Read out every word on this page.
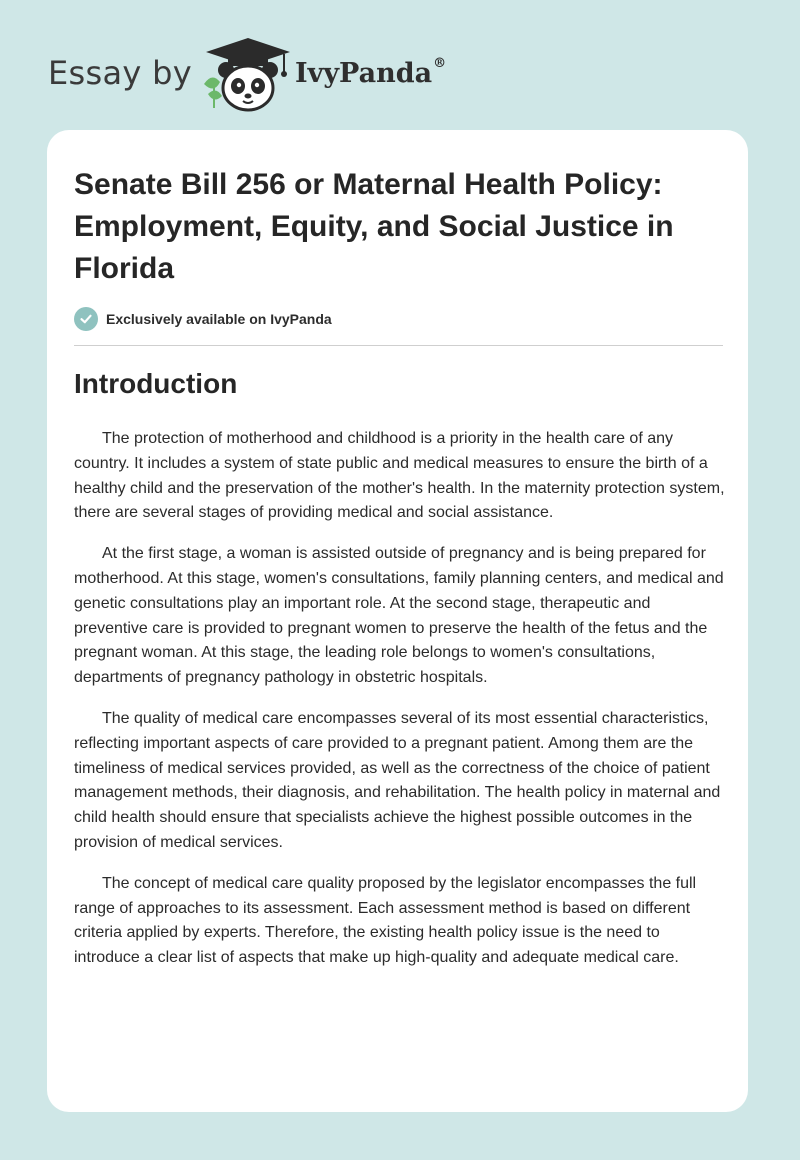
Essay by	IvyPanda®
Senate Bill 256 or Maternal Health Policy: Employment, Equity, and Social Justice in Florida
Exclusively available on IvyPanda
Introduction

The protection of motherhood and childhood is a priority in the health care of any country. It includes a system of state public and medical measures to ensure the birth of a healthy child and the preservation of the mother's health. In the maternity protection system, there are several stages of providing medical and social assistance.

At the first stage, a woman is assisted outside of pregnancy and is being prepared for motherhood. At this stage, women's consultations, family planning centers, and medical and genetic consultations play an important role. At the second stage, therapeutic and preventive care is provided to pregnant women to preserve the health of the fetus and the pregnant woman. At this stage, the leading role belongs to women's consultations, departments of pregnancy pathology in obstetric hospitals.

The quality of medical care encompasses several of its most essential characteristics, reflecting important aspects of care provided to a pregnant patient. Among them are the timeliness of medical services provided, as well as the correctness of the choice of patient management methods, their diagnosis, and rehabilitation. The health policy in maternal and child health should ensure that specialists achieve the highest possible outcomes in the provision of medical services.

The concept of medical care quality proposed by the legislator encompasses the full range of approaches to its assessment. Each assessment method is based on different criteria applied by experts. Therefore, the existing health policy issue is the need to introduce a clear list of aspects that make up high-quality and adequate medical care.
